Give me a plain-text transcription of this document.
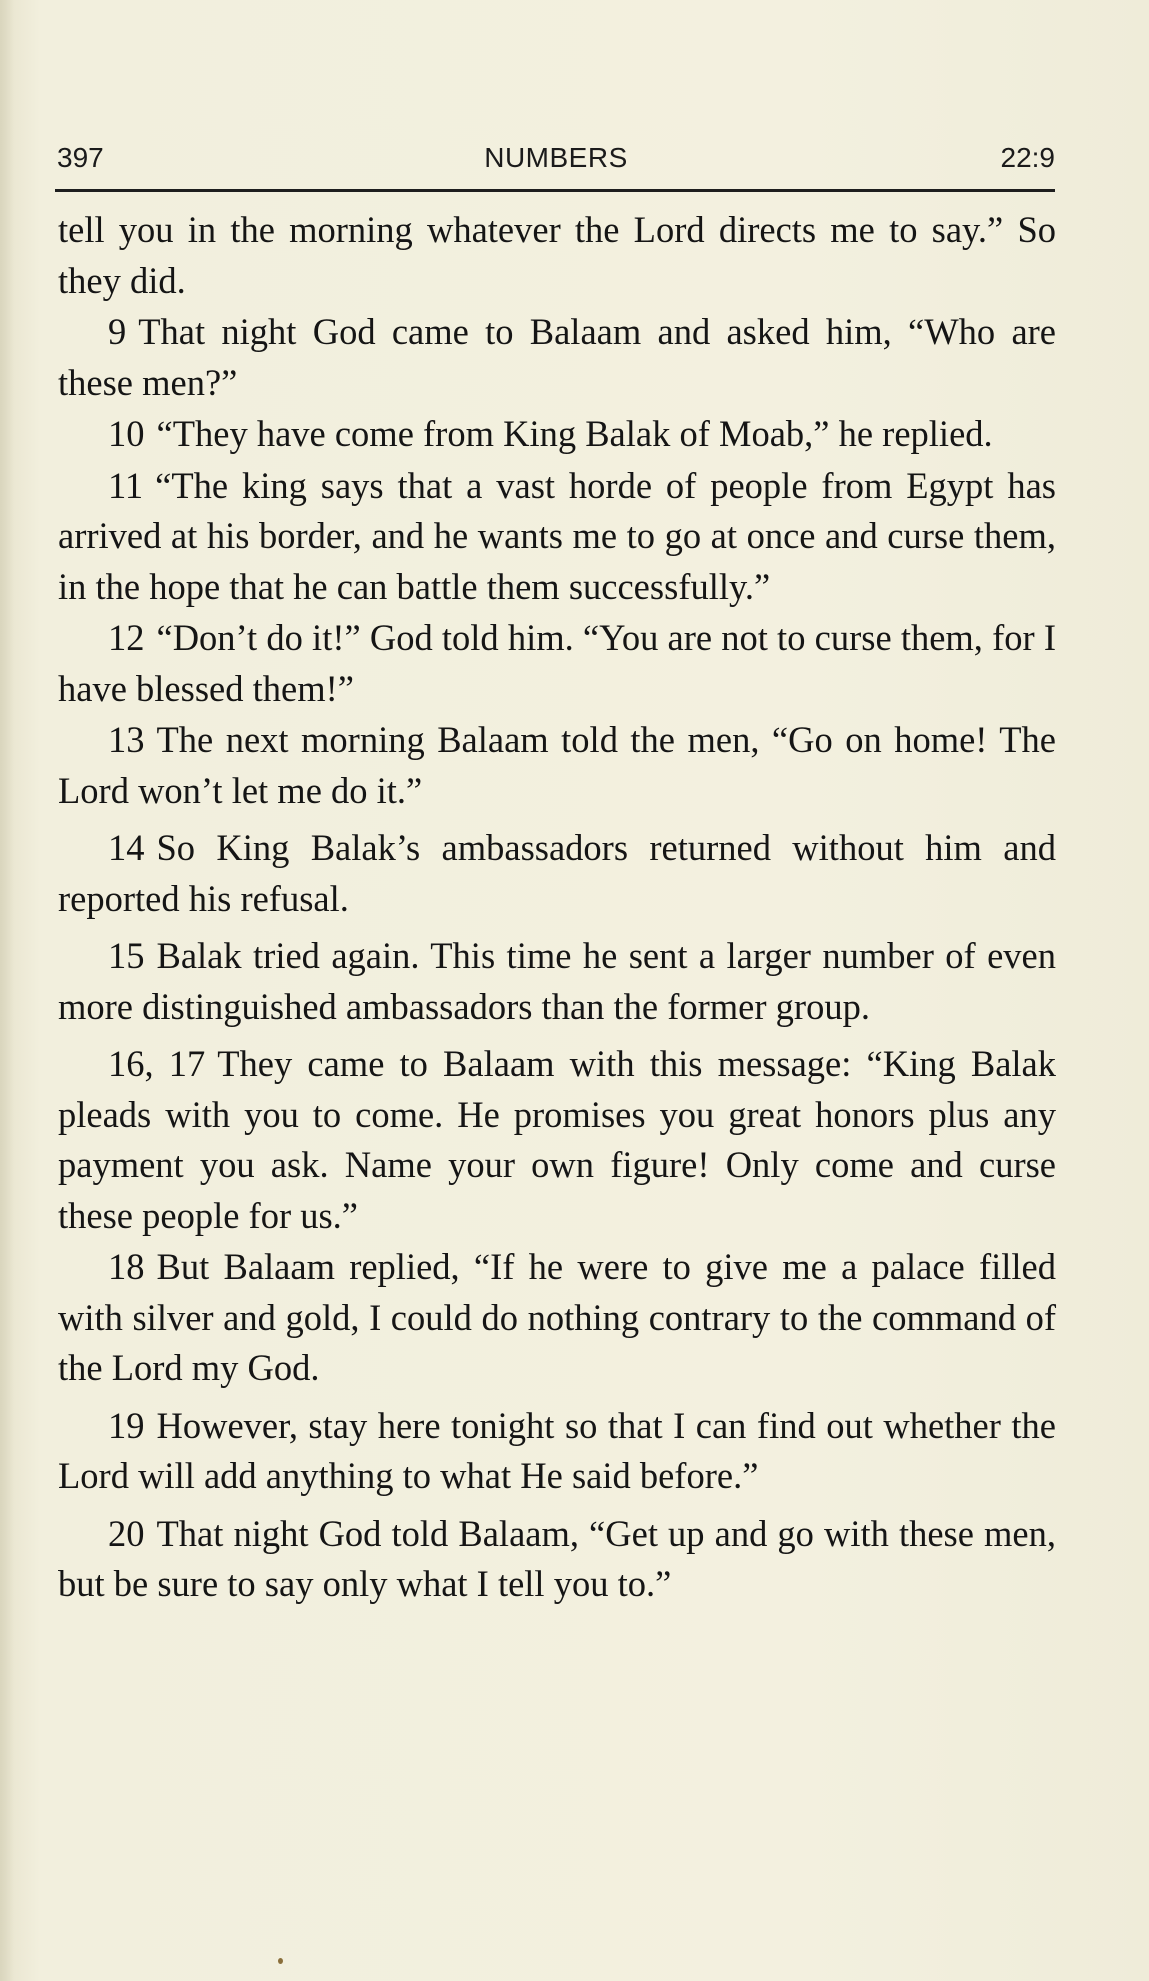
397	NUMBERS	22:9

tell you in the morning whatever the Lord directs me to say.” So they did.

9 That night God came to Balaam and asked him, “Who are these men?”

10 “They have come from King Balak of Moab,” he replied.

11 “The king says that a vast horde of people from Egypt has arrived at his border, and he wants me to go at once and curse them, in the hope that he can battle them successfully.”

12 “Don’t do it!” God told him. “You are not to curse them, for I have blessed them!”

13 The next morning Balaam told the men, “Go on home! The Lord won’t let me do it.”

14 So King Balak’s ambassadors returned without him and reported his refusal.

15 Balak tried again. This time he sent a larger number of even more distinguished ambassadors than the former group.

16, 17 They came to Balaam with this message: “King Balak pleads with you to come. He promises you great honors plus any payment you ask. Name your own figure! Only come and curse these people for us.”

18 But Balaam replied, “If he were to give me a palace filled with silver and gold, I could do nothing contrary to the command of the Lord my God.

19 However, stay here tonight so that I can find out whether the Lord will add anything to what He said before.”

20 That night God told Balaam, “Get up and go with these men, but be sure to say only what I tell you to.”
